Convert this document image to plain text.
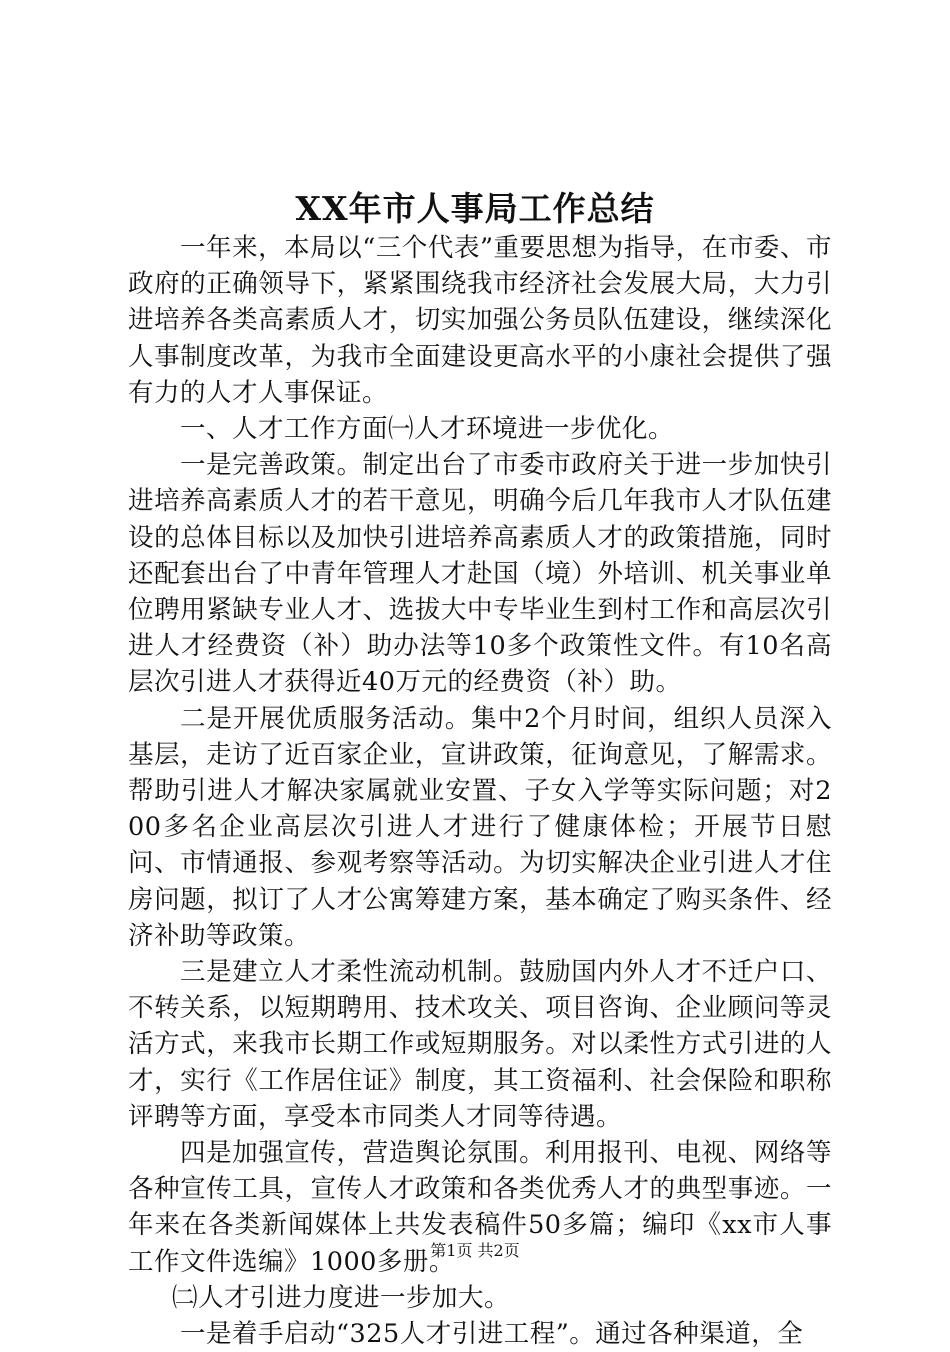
XX年市人事局工作总结

一年来，本局以“三个代表”重要思想为指导，在市委、市政府的正确领导下，紧紧围绕我市经济社会发展大局，大力引进培养各类高素质人才，切实加强公务员队伍建设，继续深化人事制度改革，为我市全面建设更高水平的小康社会提供了强有力的人才人事保证。

一、人才工作方面㈠人才环境进一步优化。

一是完善政策。制定出台了市委市政府关于进一步加快引进培养高素质人才的若干意见，明确今后几年我市人才队伍建设的总体目标以及加快引进培养高素质人才的政策措施，同时还配套出台了中青年管理人才赴国（境）外培训、机关事业单位聘用紧缺专业人才、选拔大中专毕业生到村工作和高层次引进人才经费资（补）助办法等10多个政策性文件。有10名高层次引进人才获得近40万元的经费资（补）助。

二是开展优质服务活动。集中2个月时间，组织人员深入基层，走访了近百家企业，宣讲政策，征询意见，了解需求。帮助引进人才解决家属就业安置、子女入学等实际问题；对200多名企业高层次引进人才进行了健康体检；开展节日慰问、市情通报、参观考察等活动。为切实解决企业引进人才住房问题，拟订了人才公寓筹建方案，基本确定了购买条件、经济补助等政策。

三是建立人才柔性流动机制。鼓励国内外人才不迁户口、不转关系，以短期聘用、技术攻关、项目咨询、企业顾问等灵活方式，来我市长期工作或短期服务。对以柔性方式引进的人才，实行《工作居住证》制度，其工资福利、社会保险和职称评聘等方面，享受本市同类人才同等待遇。

四是加强宣传，营造舆论氛围。利用报刊、电视、网络等各种宣传工具，宣传人才政策和各类优秀人才的典型事迹。一年来在各类新闻媒体上共发表稿件50多篇；编印《xx市人事工作文件选编》1000多册。

㈡人才引进力度进一步加大。

一是着手启动“325人才引进工程”。通过各种渠道，全

第1页 共2页
